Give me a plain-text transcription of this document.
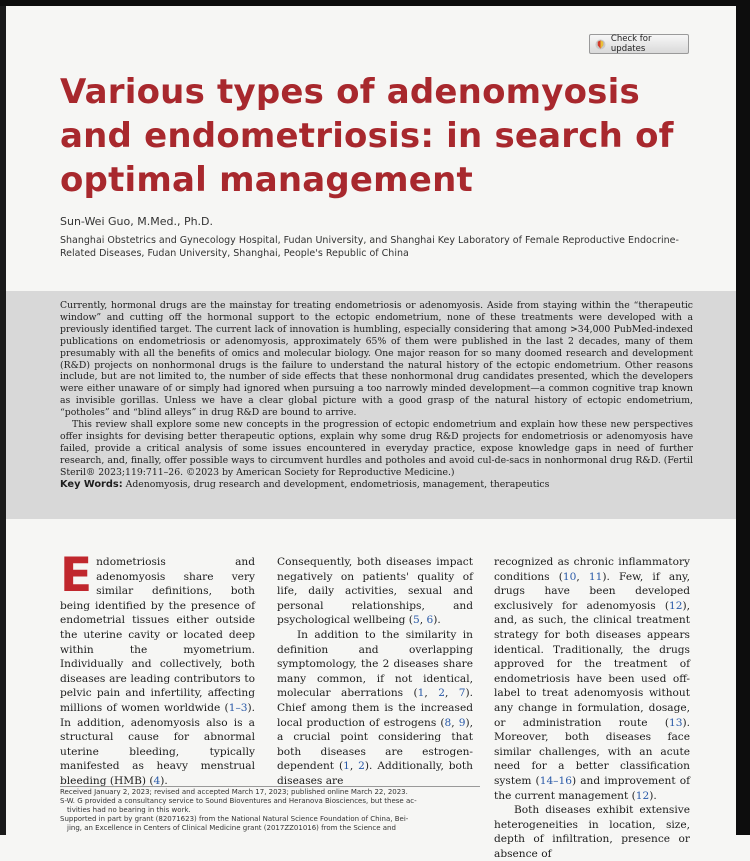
Check for updates
Various types of adenomyosis and endometriosis: in search of optimal management
Sun-Wei Guo, M.Med., Ph.D.
Shanghai Obstetrics and Gynecology Hospital, Fudan University, and Shanghai Key Laboratory of Female Reproductive Endocrine-Related Diseases, Fudan University, Shanghai, People's Republic of China

Currently, hormonal drugs are the mainstay for treating endometriosis or adenomyosis. Aside from staying within the “therapeutic window” and cutting off the hormonal support to the ectopic endometrium, none of these treatments were developed with a previously identified target. The current lack of innovation is humbling, especially considering that among >34,000 PubMed-indexed publications on endometriosis or adenomyosis, approximately 65% of them were published in the last 2 decades, many of them presumably with all the benefits of omics and molecular biology. One major reason for so many doomed research and development (R&D) projects on nonhormonal drugs is the failure to understand the natural history of the ectopic endometrium. Other reasons include, but are not limited to, the number of side effects that these nonhormonal drug candidates presented, which the developers were either unaware of or simply had ignored when pursuing a too narrowly minded development—a common cognitive trap known as invisible gorillas. Unless we have a clear global picture with a good grasp of the natural history of ectopic endometrium, “potholes” and “blind alleys” in drug R&D are bound to arrive.

This review shall explore some new concepts in the progression of ectopic endometrium and explain how these new perspectives offer insights for devising better therapeutic options, explain why some drug R&D projects for endometriosis or adenomyosis have failed, provide a critical analysis of some issues encountered in everyday practice, expose knowledge gaps in need of further research, and, finally, offer possible ways to circumvent hurdles and potholes and avoid cul-de-sacs in nonhormonal drug R&D. (Fertil Steril® 2023;119:711–26. ©2023 by American Society for Reproductive Medicine.)

Key Words: Adenomyosis, drug research and development, endometriosis, management, therapeutics

Endometriosis and adenomyosis share very similar definitions, both being identified by the presence of endometrial tissues either outside the uterine cavity or located deep within the myometrium. Individually and collectively, both diseases are leading contributors to pelvic pain and infertility, affecting millions of women worldwide (1–3). In addition, adenomyosis also is a structural cause for abnormal uterine bleeding, typically manifested as heavy menstrual bleeding (HMB) (4).

Consequently, both diseases impact negatively on patients' quality of life, daily activities, sexual and personal relationships, and psychological wellbeing (5, 6).

In addition to the similarity in definition and overlapping symptomology, the 2 diseases share many common, if not identical, molecular aberrations (1, 2, 7). Chief among them is the increased local production of estrogens (8, 9), a crucial point considering that both diseases are estrogen-dependent (1, 2). Additionally, both diseases are

recognized as chronic inflammatory conditions (10, 11). Few, if any, drugs have been developed exclusively for adenomyosis (12), and, as such, the clinical treatment strategy for both diseases appears identical. Traditionally, the drugs approved for the treatment of endometriosis have been used off-label to treat adenomyosis without any change in formulation, dosage, or administration route (13). Moreover, both diseases face similar challenges, with an acute need for a better classification system (14–16) and improvement of the current management (12).

Both diseases exhibit extensive heterogeneities in location, size, depth of infiltration, presence or absence of

Received January 2, 2023; revised and accepted March 17, 2023; published online March 22, 2023.
S-W. G provided a consultancy service to Sound Bioventures and Heranova Biosciences, but these ac-
tivities had no bearing in this work.
Supported in part by grant (82071623) from the National Natural Science Foundation of China, Bei-
jing, an Excellence in Centers of Clinical Medicine grant (2017ZZ01016) from the Science and
